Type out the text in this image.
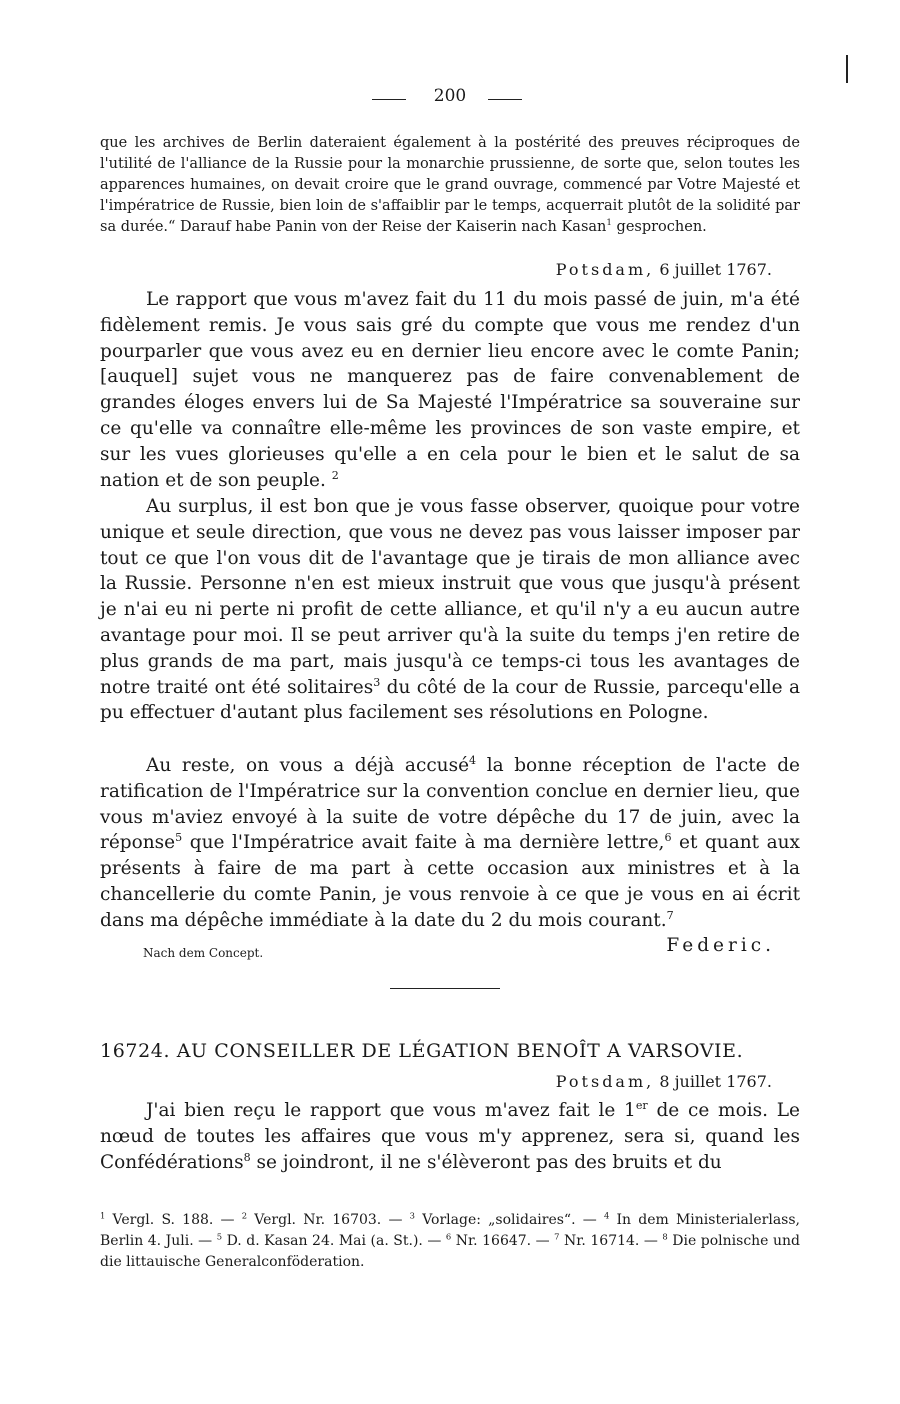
200

que les archives de Berlin dateraient également à la postérité des preuves réciproques de l'utilité de l'alliance de la Russie pour la monarchie prussienne, de sorte que, selon toutes les apparences humaines, on devait croire que le grand ouvrage, commencé par Votre Majesté et l'impératrice de Russie, bien loin de s'affaiblir par le temps, acquerrait plutôt de la solidité par sa durée.“ Darauf habe Panin von der Reise der Kaiserin nach Kasan$^1$ gesprochen.

Potsdam, 6 juillet 1767.

Le rapport que vous m'avez fait du 11 du mois passé de juin, m'a été fidèlement remis. Je vous sais gré du compte que vous me rendez d'un pourparler que vous avez eu en dernier lieu encore avec le comte Panin; [auquel] sujet vous ne manquerez pas de faire convenablement de grandes éloges envers lui de Sa Majesté l'Impératrice sa souveraine sur ce qu'elle va connaître elle-même les provinces de son vaste empire, et sur les vues glorieuses qu'elle a en cela pour le bien et le salut de sa nation et de son peuple. $^2$

Au surplus, il est bon que je vous fasse observer, quoique pour votre unique et seule direction, que vous ne devez pas vous laisser imposer par tout ce que l'on vous dit de l'avantage que je tirais de mon alliance avec la Russie. Personne n'en est mieux instruit que vous que jusqu'à présent je n'ai eu ni perte ni profit de cette alliance, et qu'il n'y a eu aucun autre avantage pour moi. Il se peut arriver qu'à la suite du temps j'en retire de plus grands de ma part, mais jusqu'à ce temps-ci tous les avantages de notre traité ont été solitaires$^3$ du côté de la cour de Russie, parcequ'elle a pu effectuer d'autant plus facilement ses résolutions en Pologne.

Au reste, on vous a déjà accusé$^4$ la bonne réception de l'acte de ratification de l'Impératrice sur la convention conclue en dernier lieu, que vous m'aviez envoyé à la suite de votre dépêche du 17 de juin, avec la réponse$^5$ que l'Impératrice avait faite à ma dernière lettre,$^6$ et quant aux présents à faire de ma part à cette occasion aux ministres et à la chancellerie du comte Panin, je vous renvoie à ce que je vous en ai écrit dans ma dépêche immédiate à la date du 2 du mois courant.$^7$

Nach dem Concept.	Federic.
16724. AU CONSEILLER DE LÉGATION BENOÎT A VARSOVIE.
Potsdam, 8 juillet 1767.

J'ai bien reçu le rapport que vous m'avez fait le 1er de ce mois. Le nœud de toutes les affaires que vous m'y apprenez, sera si, quand les Confédérations$^8$ se joindront, il ne s'élèveront pas des bruits et du

$^1$ Vergl. S. 188. — $^2$ Vergl. Nr. 16703. — $^3$ Vorlage: „solidaires“. — $^4$ In dem Ministerialerlass, Berlin 4. Juli. — $^5$ D. d. Kasan 24. Mai (a. St.). — $^6$ Nr. 16647. — $^7$ Nr. 16714. — $^8$ Die polnische und die littauische Generalconföderation.
